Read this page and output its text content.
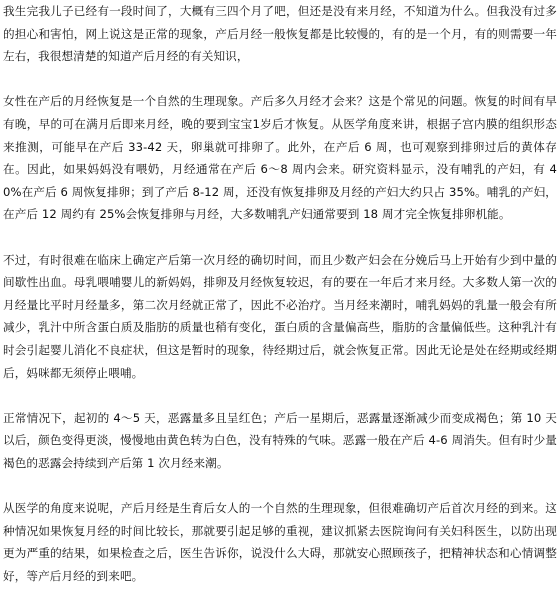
我生完我儿子已经有一段时间了，大概有三四个月了吧，但还是没有来月经，不知道为什么。但我没有过多的担心和害怕，网上说这是正常的现象，产后月经一般恢复都是比较慢的，有的是一个月，有的则需要一年左右，我很想清楚的知道产后月经的有关知识，

女性在产后的月经恢复是一个自然的生理现象。产后多久月经才会来？这是个常见的问题。恢复的时间有早有晚，早的可在满月后即来月经，晚的要到宝宝1岁后才恢复。从医学角度来讲，根据子宫内膜的组织形态来推测，可能早在产后 33-42 天，卵巢就可排卵了。此外，在产后 6 周，也可观察到排卵过后的黄体存在。因此，如果妈妈没有喂奶，月经通常在产后 6～8 周内会来。研究资料显示，没有哺乳的产妇，有 40%在产后 6 周恢复排卵；到了产后 8-12 周，还没有恢复排卵及月经的产妇大约只占 35%。哺乳的产妇，在产后 12 周约有 25%会恢复排卵与月经，大多数哺乳产妇通常要到 18 周才完全恢复排卵机能。

不过，有时很难在临床上确定产后第一次月经的确切时间，而且少数产妇会在分娩后马上开始有少到中量的间歇性出血。母乳喂哺婴儿的新妈妈，排卵及月经恢复较迟，有的要在一年后才来月经。大多数人第一次的月经量比平时月经量多，第二次月经就正常了，因此不必治疗。当月经来潮时，哺乳妈妈的乳量一般会有所减少，乳汁中所含蛋白质及脂肪的质量也稍有变化，蛋白质的含量偏高些，脂肪的含量偏低些。这种乳汁有时会引起婴儿消化不良症状，但这是暂时的现象，待经期过后，就会恢复正常。因此无论是处在经期或经期后，妈咪都无须停止喂哺。

正常情况下，起初的 4～5 天，恶露量多且呈红色；产后一星期后，恶露量逐渐减少而变成褐色；第 10 天以后，颜色变得更淡，慢慢地由黄色转为白色，没有特殊的气味。恶露一般在产后 4-6 周消失。但有时少量褐色的恶露会持续到产后第 1 次月经来潮。

从医学的角度来说呢，产后月经是生育后女人的一个自然的生理现象，但很难确切产后首次月经的到来。这种情况如果恢复月经的时间比较长，那就要引起足够的重视，建议抓紧去医院询问有关妇科医生，以防出现更为严重的结果，如果检查之后，医生告诉你，说没什么大碍，那就安心照顾孩子，把精神状态和心情调整好，等产后月经的到来吧。
